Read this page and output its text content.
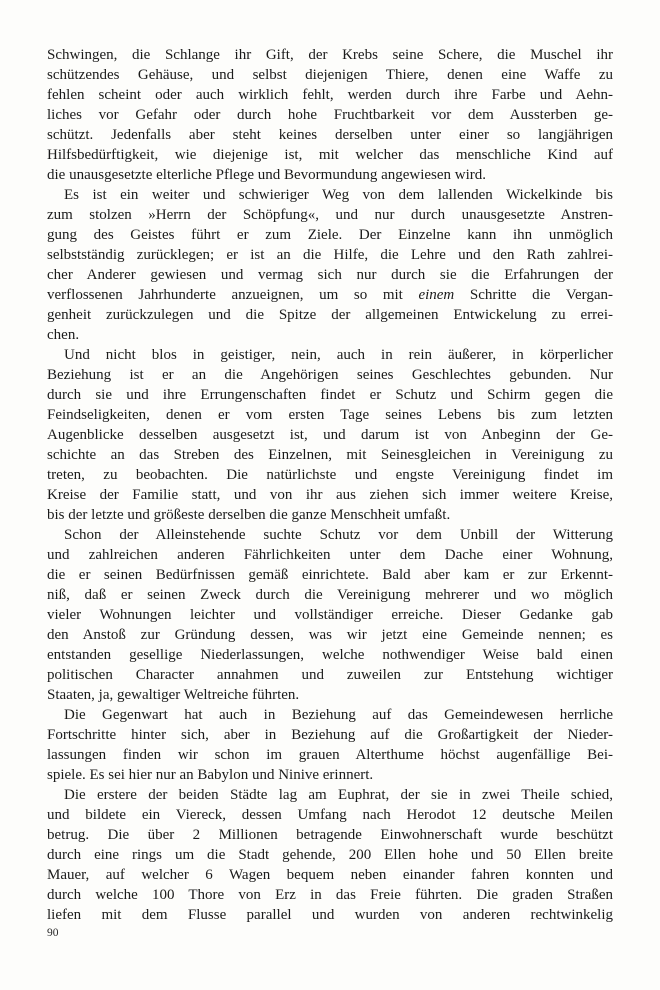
Schwingen, die Schlange ihr Gift, der Krebs seine Schere, die Muschel ihr
schützendes Gehäuse, und selbst diejenigen Thiere, denen eine Waffe zu
fehlen scheint oder auch wirklich fehlt, werden durch ihre Farbe und Aehn-
liches vor Gefahr oder durch hohe Fruchtbarkeit vor dem Aussterben ge-
schützt. Jedenfalls aber steht keines derselben unter einer so langjährigen
Hilfsbedürftigkeit, wie diejenige ist, mit welcher das menschliche Kind auf
die unausgesetzte elterliche Pflege und Bevormundung angewiesen wird.

Es ist ein weiter und schwieriger Weg von dem lallenden Wickelkinde bis
zum stolzen »Herrn der Schöpfung«, und nur durch unausgesetzte Anstren-
gung des Geistes führt er zum Ziele. Der Einzelne kann ihn unmöglich
selbstständig zurücklegen; er ist an die Hilfe, die Lehre und den Rath zahlrei-
cher Anderer gewiesen und vermag sich nur durch sie die Erfahrungen der
verflossenen Jahrhunderte anzueignen, um so mit einem Schritte die Vergan-
genheit zurückzulegen und die Spitze der allgemeinen Entwickelung zu errei-
chen.

Und nicht blos in geistiger, nein, auch in rein äußerer, in körperlicher
Beziehung ist er an die Angehörigen seines Geschlechtes gebunden. Nur
durch sie und ihre Errungenschaften findet er Schutz und Schirm gegen die
Feindseligkeiten, denen er vom ersten Tage seines Lebens bis zum letzten
Augenblicke desselben ausgesetzt ist, und darum ist von Anbeginn der Ge-
schichte an das Streben des Einzelnen, mit Seinesgleichen in Vereinigung zu
treten, zu beobachten. Die natürlichste und engste Vereinigung findet im
Kreise der Familie statt, und von ihr aus ziehen sich immer weitere Kreise,
bis der letzte und größeste derselben die ganze Menschheit umfaßt.

Schon der Alleinstehende suchte Schutz vor dem Unbill der Witterung
und zahlreichen anderen Fährlichkeiten unter dem Dache einer Wohnung,
die er seinen Bedürfnissen gemäß einrichtete. Bald aber kam er zur Erkennt-
niß, daß er seinen Zweck durch die Vereinigung mehrerer und wo möglich
vieler Wohnungen leichter und vollständiger erreiche. Dieser Gedanke gab
den Anstoß zur Gründung dessen, was wir jetzt eine Gemeinde nennen; es
entstanden gesellige Niederlassungen, welche nothwendiger Weise bald einen
politischen Character annahmen und zuweilen zur Entstehung wichtiger
Staaten, ja, gewaltiger Weltreiche führten.

Die Gegenwart hat auch in Beziehung auf das Gemeindewesen herrliche
Fortschritte hinter sich, aber in Beziehung auf die Großartigkeit der Nieder-
lassungen finden wir schon im grauen Alterthume höchst augenfällige Bei-
spiele. Es sei hier nur an Babylon und Ninive erinnert.

Die erstere der beiden Städte lag am Euphrat, der sie in zwei Theile schied,
und bildete ein Viereck, dessen Umfang nach Herodot 12 deutsche Meilen
betrug. Die über 2 Millionen betragende Einwohnerschaft wurde beschützt
durch eine rings um die Stadt gehende, 200 Ellen hohe und 50 Ellen breite
Mauer, auf welcher 6 Wagen bequem neben einander fahren konnten und
durch welche 100 Thore von Erz in das Freie führten. Die graden Straßen
liefen mit dem Flusse parallel und wurden von anderen rechtwinkelig

90
